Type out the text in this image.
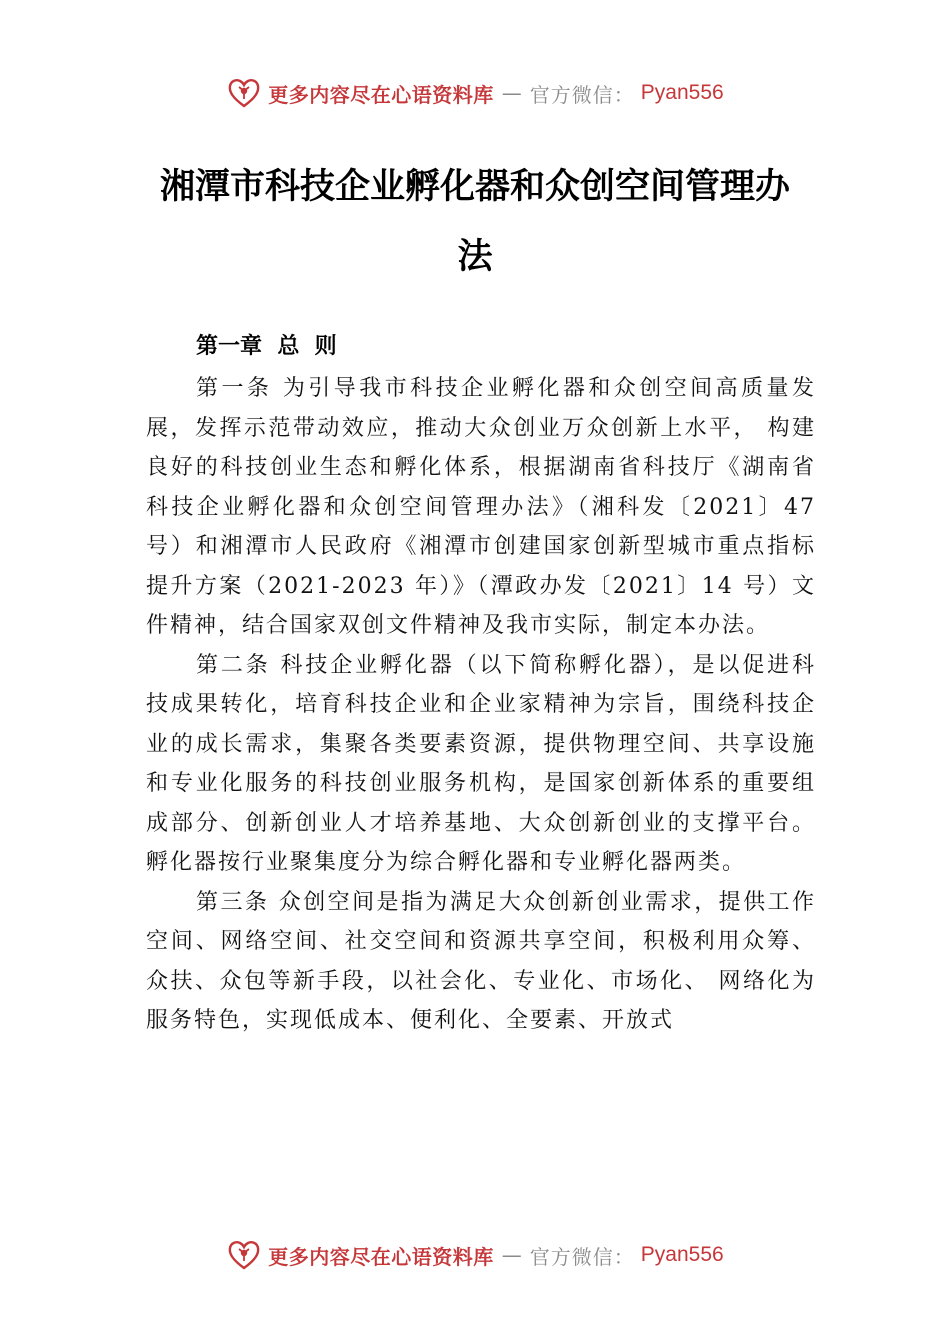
更多内容尽在心语资料库 — 官方微信： Pyan556
湘潭市科技企业孵化器和众创空间管理办法

第一章  总  则

第一条 为引导我市科技企业孵化器和众创空间高质量发展，发挥示范带动效应，推动大众创业万众创新上水平， 构建良好的科技创业生态和孵化体系，根据湖南省科技厅《湖南省科技企业孵化器和众创空间管理办法》（湘科发〔2021〕47 号）和湘潭市人民政府《湘潭市创建国家创新型城市重点指标提升方案（2021-2023 年）》（潭政办发〔2021〕14 号）文件精神，结合国家双创文件精神及我市实际，制定本办法。

第二条 科技企业孵化器（以下简称孵化器），是以促进科技成果转化，培育科技企业和企业家精神为宗旨，围绕科技企业的成长需求，集聚各类要素资源，提供物理空间、共享设施和专业化服务的科技创业服务机构，是国家创新体系的重要组成部分、创新创业人才培养基地、大众创新创业的支撑平台。孵化器按行业聚集度分为综合孵化器和专业孵化器两类。

第三条 众创空间是指为满足大众创新创业需求，提供工作空间、网络空间、社交空间和资源共享空间，积极利用众筹、众扶、众包等新手段，以社会化、专业化、市场化、 网络化为服务特色，实现低成本、便利化、全要素、开放式

更多内容尽在心语资料库 — 官方微信： Pyan556
